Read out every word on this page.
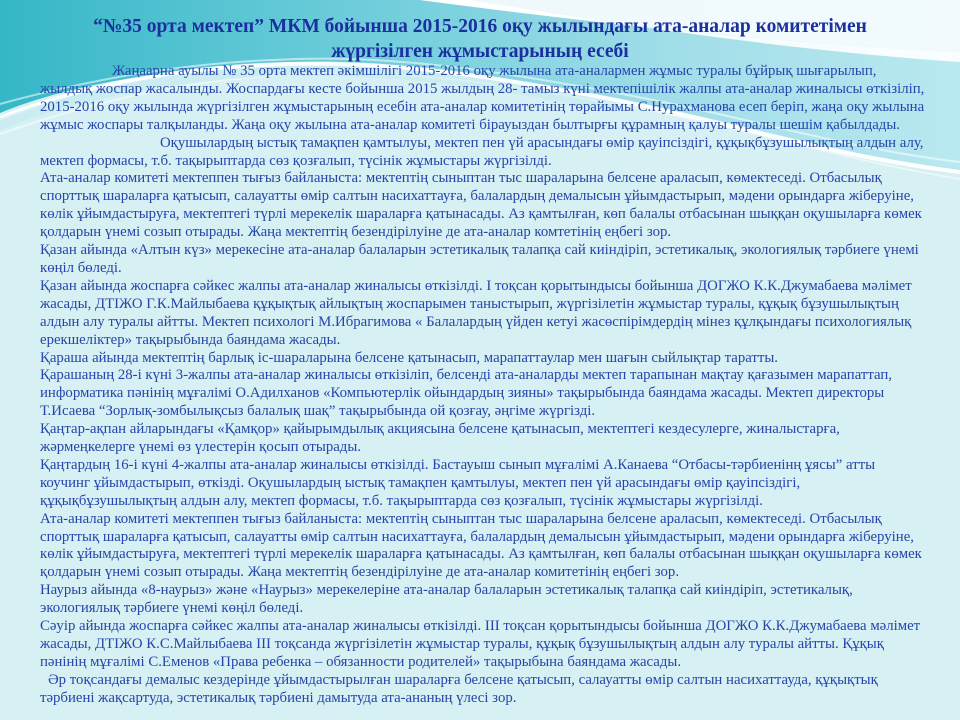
“№35 орта мектеп” МКМ бойынша 2015-2016 оқу жылындағы ата-аналар комитетімен жүргізілген жұмыстарының есебі

Жаңаарна ауылы № 35 орта мектеп әкімшілігі 2015-2016 оқу жылына ата-аналармен жұмыс туралы бұйрық шығарылып, жылдық жоспар жасалынды. Жоспардағы кесте бойынша 2015 жылдың 28- тамыз күні мектепішілік жалпы ата-аналар жиналысы өткізіліп, 2015-2016 оқу жылында жүргізілген жұмыстарының есебін ата-аналар комитетінің төрайымы С.Нурахманова есеп беріп, жаңа оқу жылына жұмыс жоспары талқыланды. Жаңа оқу жылына ата-аналар комитеті бірауыздан былтырғы құрамның қалуы туралы шешім қабылдады.

Оқушылардың ыстық тамақпен қамтылуы, мектеп пен үй арасындағы өмір қауіпсіздігі, құқықбұзушылықтың алдын алу, мектеп формасы, т.б. тақырыптарда сөз қозғалып, түсінік жұмыстары жүргізілді.

Ата-аналар комитеті мектеппен тығыз байланыста: мектептің сыныптан тыс шараларына белсене араласып, көмектеседі. Отбасылық спорттық шараларға қатысып, салауатты өмір салтын насихаттауға, балалардың демалысын ұйымдастырып, мәдени орындарға жіберуіне, көлік ұйымдастыруға, мектептегі түрлі мерекелік шараларға қатынасады. Аз қамтылған, көп балалы отбасынан шыққан оқушыларға көмек қолдарын үнемі созып отырады. Жаңа мектептің безендірілуіне де ата-аналар комтетінің еңбегі зор.

Қазан айында «Алтын күз» мерекесіне ата-аналар балаларын эстетикалық талапқа сай киіндіріп, эстетикалық, экологиялық тәрбиеге үнемі көңіл бөледі.

Қазан айында жоспарға сәйкес жалпы ата-аналар жиналысы өткізілді. І тоқсан қорытындысы бойынша ДОГЖО К.К.Джумабаева мәлімет жасады, ДТІЖО Г.К.Майлыбаева құқықтық айлықтың жоспарымен таныстырып, жүргізілетін жұмыстар туралы, құқық бұзушылықтың алдын алу туралы айтты. Мектеп психологі М.Ибрагимова « Балалардың үйден кетуі жасөспірімдердің мінез құлқындағы психологиялық ерекшеліктер» тақырыбында баяндама жасады.

Қараша айында мектептің барлық іс-шараларына белсене қатынасып, марапаттаулар мен шағын сыйлықтар таратты.

Қарашаның 28-і күні 3-жалпы ата-аналар жиналысы өткізіліп, белсенді ата-аналарды мектеп тарапынан мақтау қағазымен марапаттап, информатика пәнінің мұғалімі О.Адилханов «Компьютерлік ойындардың зияны» тақырыбында баяндама жасады. Мектеп директоры Т.Исаева “Зорлық-зомбылықсыз балалық шақ” тақырыбында ой қозғау, әңгіме жүргізді.

Қаңтар-ақпан айларындағы «Қамқор» қайырымдылық акциясына белсене қатынасып, мектептегі кездесулерге, жиналыстарға, жәрмеңкелерге үнемі өз үлестерін қосып отырады.

Қаңтардың 16-і күні 4-жалпы ата-аналар жиналысы өткізілді. Бастауыш сынып мұғалімі А.Канаева “Отбасы-тәрбиенінң ұясы” атты коучинг ұйымдастырып, өткізді. Оқушылардың ыстық тамақпен қамтылуы, мектеп пен үй арасындағы өмір қауіпсіздігі, құқықбұзушылықтың алдын алу, мектеп формасы, т.б. тақырыптарда сөз қозғалып, түсінік жұмыстары жүргізілді.

Ата-аналар комитеті мектеппен тығыз байланыста: мектептің сыныптан тыс шараларына белсене араласып, көмектеседі. Отбасылық спорттық шараларға қатысып, салауатты өмір салтын насихаттауға, балалардың демалысын ұйымдастырып, мәдени орындарға жіберуіне, көлік ұйымдастыруға, мектептегі түрлі мерекелік шараларға қатынасады. Аз қамтылған, көп балалы отбасынан шыққан оқушыларға көмек қолдарын үнемі созып отырады. Жаңа мектептің безендірілуіне де ата-аналар комитетінің еңбегі зор.

Наурыз айында «8-наурыз» және «Наурыз» мерекелеріне ата-аналар балаларын эстетикалық талапқа сай киіндіріп, эстетикалық, экологиялық тәрбиеге үнемі көңіл бөледі.

Сәуір айында жоспарға сәйкес жалпы ата-аналар жиналысы өткізілді. ІІІ тоқсан қорытындысы бойынша ДОГЖО К.К.Джумабаева мәлімет жасады, ДТІЖО К.С.Майлыбаева ІІІ тоқсанда жүргізілетін жұмыстар туралы, құқық бұзушылықтың алдын алу туралы айтты. Құқық пәнінің мұғалімі С.Еменов «Права ребенка – обязанности родителей» тақырыбына баяндама жасады.

Әр тоқсандағы демалыс кездерінде ұйымдастырылған шараларға белсене қатысып, салауатты өмір салтын насихаттауда, құқықтық тәрбиені жақсартуда, эстетикалық тәрбиені дамытуда ата-ананың үлесі зор.
